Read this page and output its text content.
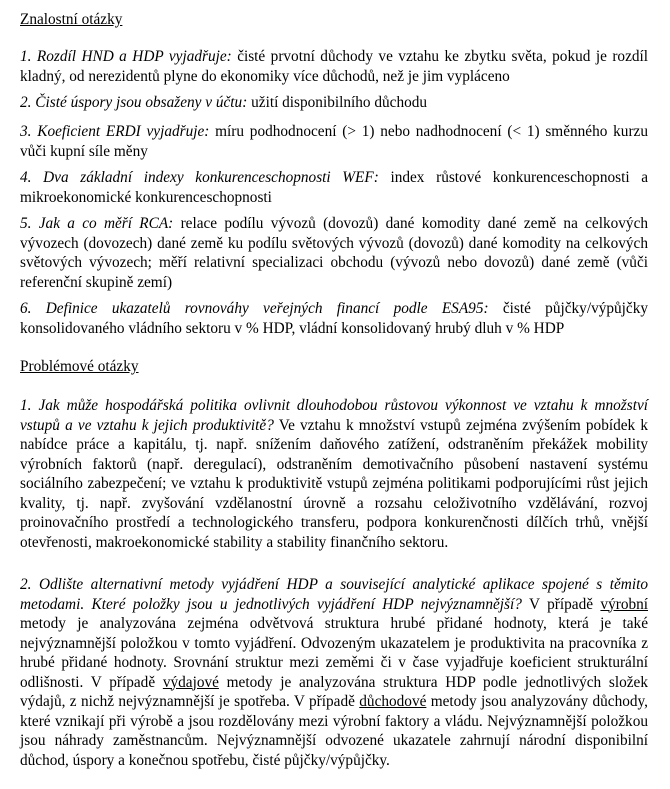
Znalostní otázky
1. Rozdíl HND a HDP vyjadřuje: čisté prvotní důchody ve vztahu ke zbytku světa, pokud je rozdíl kladný, od nerezidentů plyne do ekonomiky více důchodů, než je jim vypláceno
2. Čisté úspory jsou obsaženy v účtu: užití disponibilního důchodu
3. Koeficient ERDI vyjadřuje: míru podhodnocení (> 1) nebo nadhodnocení (< 1) směnného kurzu vůči kupní síle měny
4. Dva základní indexy konkurenceschopnosti WEF: index růstové konkurenceschopnosti a mikroekonomické konkurenceschopnosti
5. Jak a co měří RCA: relace podílu vývozů (dovozů) dané komodity dané země na celkových vývozech (dovozech) dané země ku podílu světových vývozů (dovozů) dané komodity na celkových světových vývozech; měří relativní specializaci obchodu (vývozů nebo dovozů) dané země (vůči referenční skupině zemí)
6. Definice ukazatelů rovnováhy veřejných financí podle ESA95: čisté půjčky/výpůjčky konsolidovaného vládního sektoru v % HDP, vládní konsolidovaný hrubý dluh v % HDP
Problémové otázky
1. Jak může hospodářská politika ovlivnit dlouhodobou růstovou výkonnost ve vztahu k množství vstupů a ve vztahu k jejich produktivitě? Ve vztahu k množství vstupů zejména zvýšením pobídek k nabídce práce a kapitálu, tj. např. snížením daňového zatížení, odstraněním překážek mobility výrobních faktorů (např. deregulací), odstraněním demotivačního působení nastavení systému sociálního zabezpečení; ve vztahu k produktivitě vstupů zejména politikami podporujícími růst jejich kvality, tj. např. zvyšování vzdělanostní úrovně a rozsahu celoživotního vzdělávání, rozvoj proinovačního prostředí a technologického transferu, podpora konkurenčnosti dílčích trhů, vnější otevřenosti, makroekonomické stability a stability finančního sektoru.
2. Odlište alternativní metody vyjádření HDP a související analytické aplikace spojené s těmito metodami. Které položky jsou u jednotlivých vyjádření HDP nejvýznamnější? V případě výrobní metody je analyzována zejména odvětvová struktura hrubé přidané hodnoty, která je také nejvýznamnější položkou v tomto vyjádření. Odvozeným ukazatelem je produktivita na pracovníka z hrubé přidané hodnoty. Srovnání struktur mezi zeměmi či v čase vyjadřuje koeficient strukturální odlišnosti. V případě výdajové metody je analyzována struktura HDP podle jednotlivých složek výdajů, z nichž nejvýznamnější je spotřeba. V případě důchodové metody jsou analyzovány důchody, které vznikají při výrobě a jsou rozdělovány mezi výrobní faktory a vládu. Nejvýznamnější položkou jsou náhrady zaměstnancům. Nejvýznamnější odvozené ukazatele zahrnují národní disponibilní důchod, úspory a konečnou spotřebu, čisté půjčky/výpůjčky.
